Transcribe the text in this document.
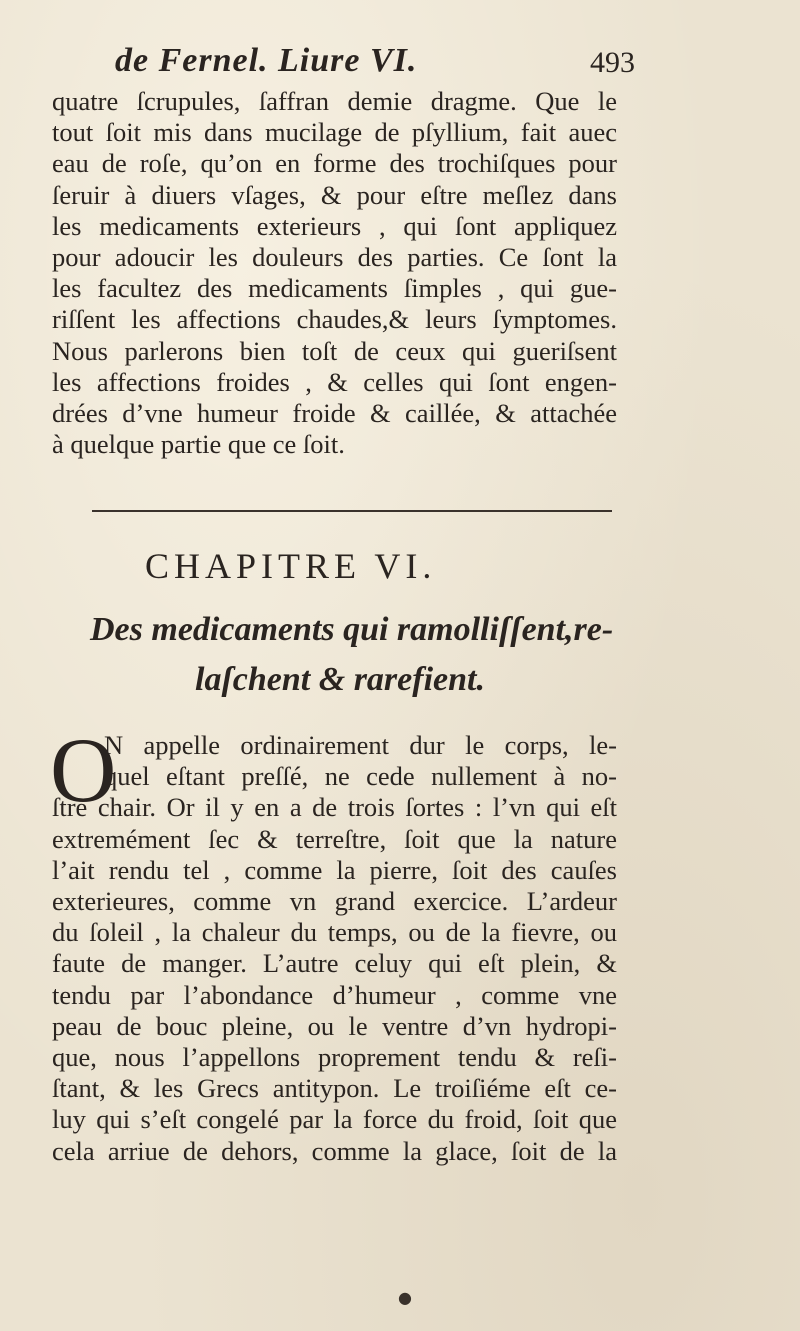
de Fernel. Liure VI.	493
quatre ſcrupules, ſaffran demie dragme. Que le
tout ſoit mis dans mucilage de pſyllium, fait auec
eau de roſe, qu’on en forme des trochiſques pour
ſeruir à diuers vſages, & pour eſtre meſlez dans
les medicaments exterieurs , qui ſont appliquez
pour adoucir les douleurs des parties. Ce ſont la
les facultez des medicaments ſimples , qui gue-
riſſent les affections chaudes,& leurs ſymptomes.
Nous parlerons bien toſt de ceux qui gueriſsent
les affections froides , & celles qui ſont engen-
drées d’vne humeur froide & caillée, & attachée
à quelque partie que ce ſoit.
CHAPITRE VI.
Des medicaments qui ramolliſſent,re-
laſchent & rarefient.
O
N appelle ordinairement dur le corps, le-
quel eſtant preſſé, ne cede nullement à no-
ſtre chair. Or il y en a de trois ſortes : l’vn qui eſt
extremément ſec & terreſtre, ſoit que la nature
l’ait rendu tel , comme la pierre, ſoit des cauſes
exterieures, comme vn grand exercice. L’ardeur
du ſoleil , la chaleur du temps, ou de la fievre, ou
faute de manger. L’autre celuy qui eſt plein, &
tendu par l’abondance d’humeur , comme vne
peau de bouc pleine, ou le ventre d’vn hydropi-
que, nous l’appellons proprement tendu & reſi-
ſtant, & les Grecs antitypon. Le troiſiéme eſt ce-
luy qui s’eſt congelé par la force du froid, ſoit que
cela arriue de dehors, comme la glace, ſoit de la
●
